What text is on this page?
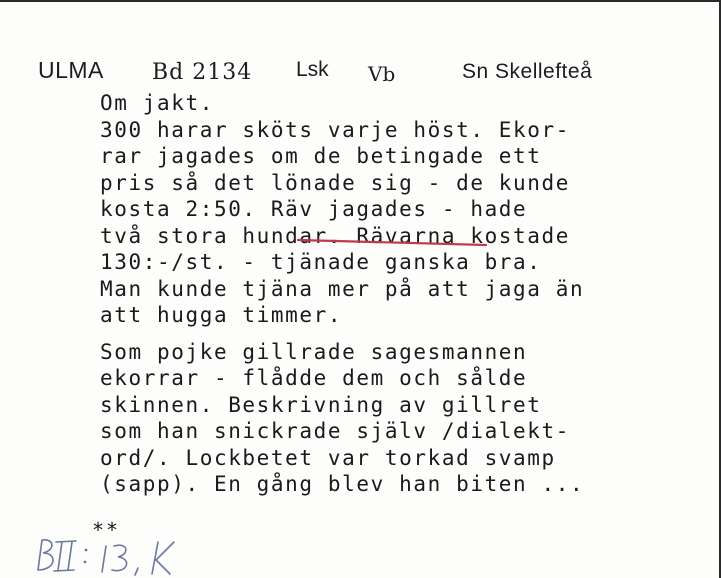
ULMA Bd 2134 Lsk Vb	Sn Skellefteå
Om jakt.
300 harar sköts varje höst. Ekor-
rar jagades om de betingade ett
pris så det lönade sig - de kunde
kosta 2:50. Räv jagades - hade
två stora hundar. Rävarna kostade
130:-/st. - tjänade ganska bra.
Man kunde tjäna mer på att jaga än
att hugga timmer.
Som pojke gillrade sagesmannen
ekorrar - flådde dem och sålde
skinnen. Beskrivning av gillret
som han snickrade själv /dialekt-
ord/. Lockbetet var torkad svamp
(sapp). En gång blev han biten ...
**
